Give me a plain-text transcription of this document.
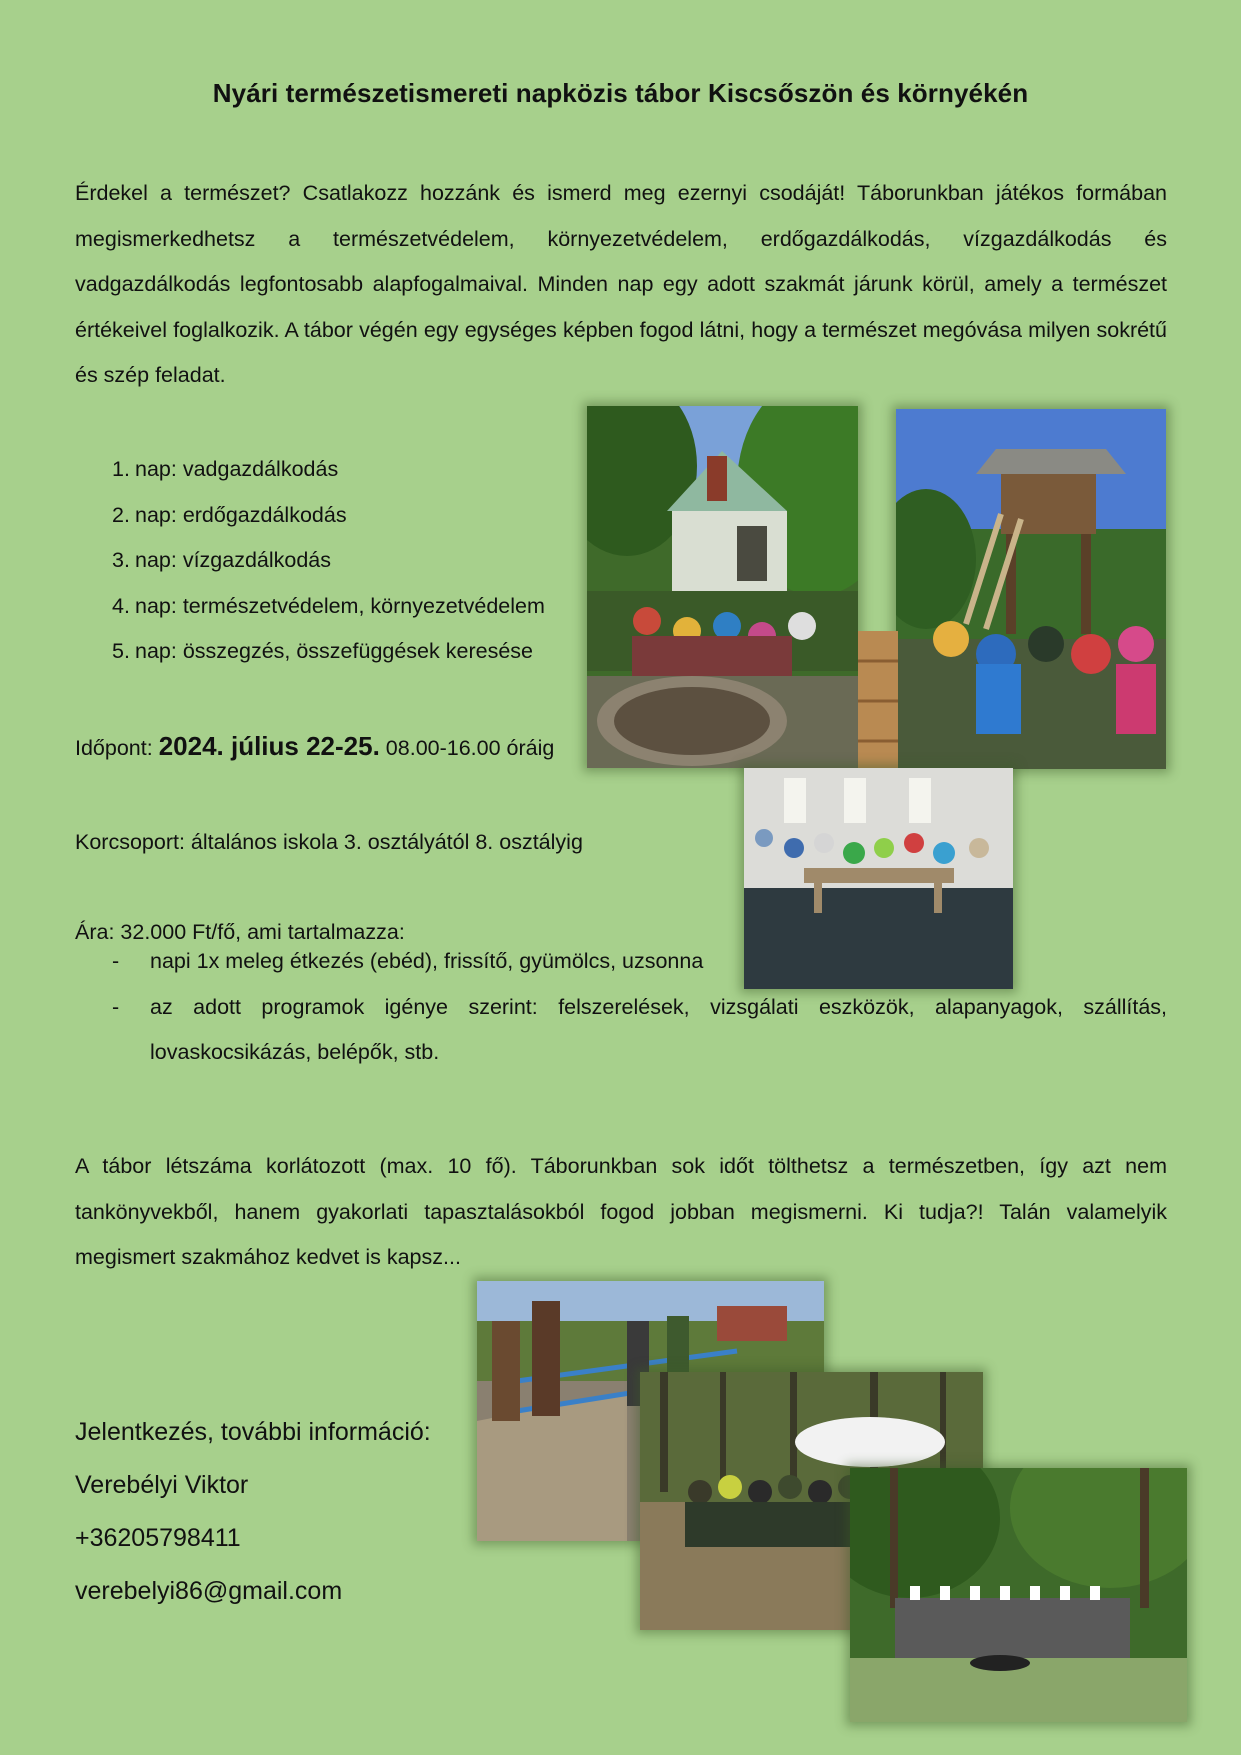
Nyári természetismereti napközis tábor Kiscsőszön és környékén
Érdekel a természet? Csatlakozz hozzánk és ismerd meg ezernyi csodáját! Táborunkban játékos formában megismerkedhetsz a természetvédelem, környezetvédelem, erdőgazdálkodás, vízgazdálkodás és vadgazdálkodás legfontosabb alapfogalmaival. Minden nap egy adott szakmát járunk körül, amely a természet értékeivel foglalkozik. A tábor végén egy egységes képben fogod látni, hogy a természet megóvása milyen sokrétű és szép feladat.
1. nap: vadgazdálkodás
2. nap: erdőgazdálkodás
3. nap: vízgazdálkodás
4. nap: természetvédelem, környezetvédelem
5. nap: összegzés, összefüggések keresése
Időpont: 2024. július 22-25. 08.00-16.00 óráig
Korcsoport: általános iskola 3. osztályától 8. osztályig
Ára: 32.000 Ft/fő, ami tartalmazza:
- napi 1x meleg étkezés (ebéd), frissítő, gyümölcs, uzsonna
- az adott programok igénye szerint: felszerelések, vizsgálati eszközök, alapanyagok, szállítás, lovaskocsikázás, belépők, stb.
A tábor létszáma korlátozott (max. 10 fő). Táborunkban sok időt tölthetsz a természetben, így azt nem tankönyvekből, hanem gyakorlati tapasztalásokból fogod jobban megismerni. Ki tudja?! Talán valamelyik megismert szakmához kedvet is kapsz...
Jelentkezés, további információ:
Verebélyi Viktor
+36205798411
verebelyi86@gmail.com
